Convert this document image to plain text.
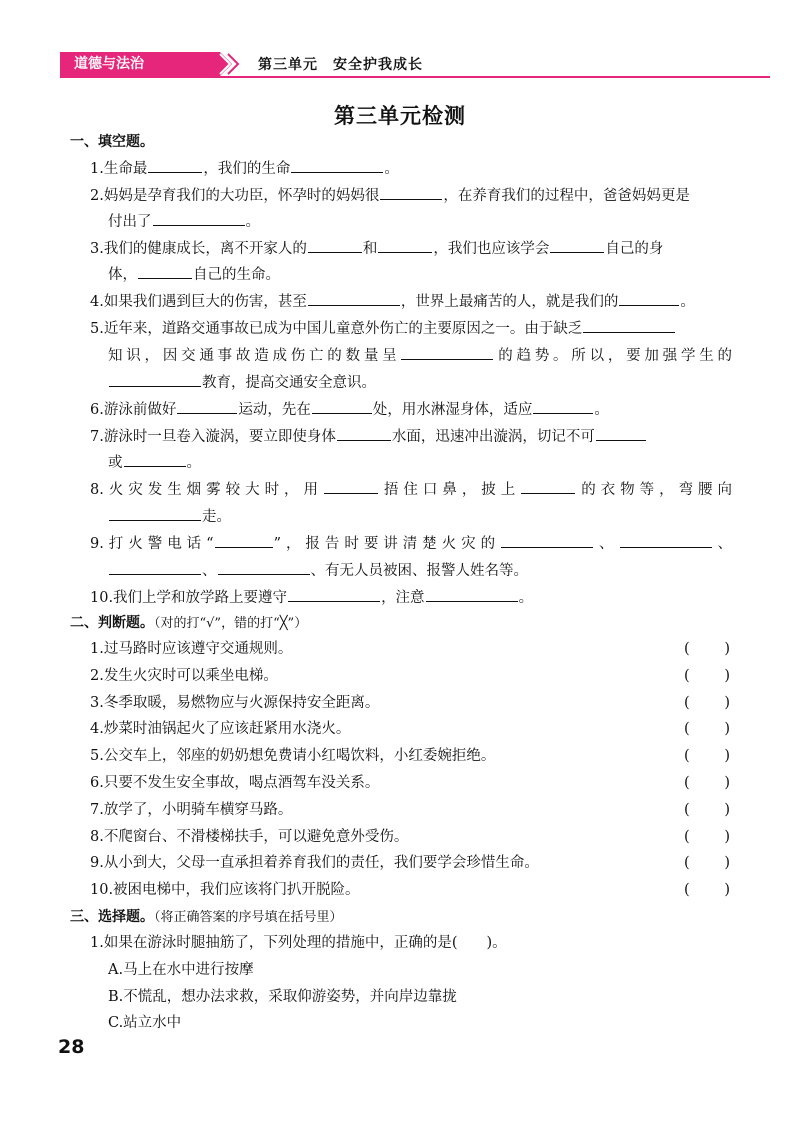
道德与法治	第三单元　安全护我成长
第三单元检测
一、填空题。
1.生命最	，我们的生命	。
2.妈妈是孕育我们的大功臣，怀孕时的妈妈很	，在养育我们的过程中，爸爸妈妈更是
付出了	。
3.我们的健康成长，离不开家人的	和	，我们也应该学会	自己的身
体，	自己的生命。
4.如果我们遇到巨大的伤害，甚至	，世界上最痛苦的人，就是我们的	。
5.近年来，道路交通事故已成为中国儿童意外伤亡的主要原因之一。由于缺乏
知识，因交通事故造成伤亡的数量呈	的趋势。所以，要加强学生的
教育，提高交通安全意识。
6.游泳前做好	运动，先在	处，用水淋湿身体，适应	。
7.游泳时一旦卷入漩涡，要立即使身体	水面，迅速冲出漩涡，切记不可
或	。
8.火灾发生烟雾较大时，用	捂住口鼻，披上	的衣物等，弯腰向
走。
9.打火警电话“	”，报告时要讲清楚火灾的	、	、
、	、有无人员被困、报警人姓名等。
10.我们上学和放学路上要遵守	，注意	。
二、判断题。（对的打“√”，错的打“╳”）
1.过马路时应该遵守交通规则。	( )
2.发生火灾时可以乘坐电梯。	( )
3.冬季取暖，易燃物应与火源保持安全距离。	( )
4.炒菜时油锅起火了应该赶紧用水浇火。	( )
5.公交车上，邻座的奶奶想免费请小红喝饮料，小红委婉拒绝。	( )
6.只要不发生安全事故，喝点酒驾车没关系。	( )
7.放学了，小明骑车横穿马路。	( )
8.不爬窗台、不滑楼梯扶手，可以避免意外受伤。	( )
9.从小到大，父母一直承担着养育我们的责任，我们要学会珍惜生命。	( )
10.被困电梯中，我们应该将门扒开脱险。	( )
三、选择题。（将正确答案的序号填在括号里）
1.如果在游泳时腿抽筋了，下列处理的措施中，正确的是(　　)。
A.马上在水中进行按摩
B.不慌乱，想办法求救，采取仰游姿势，并向岸边靠拢
C.站立水中
28
